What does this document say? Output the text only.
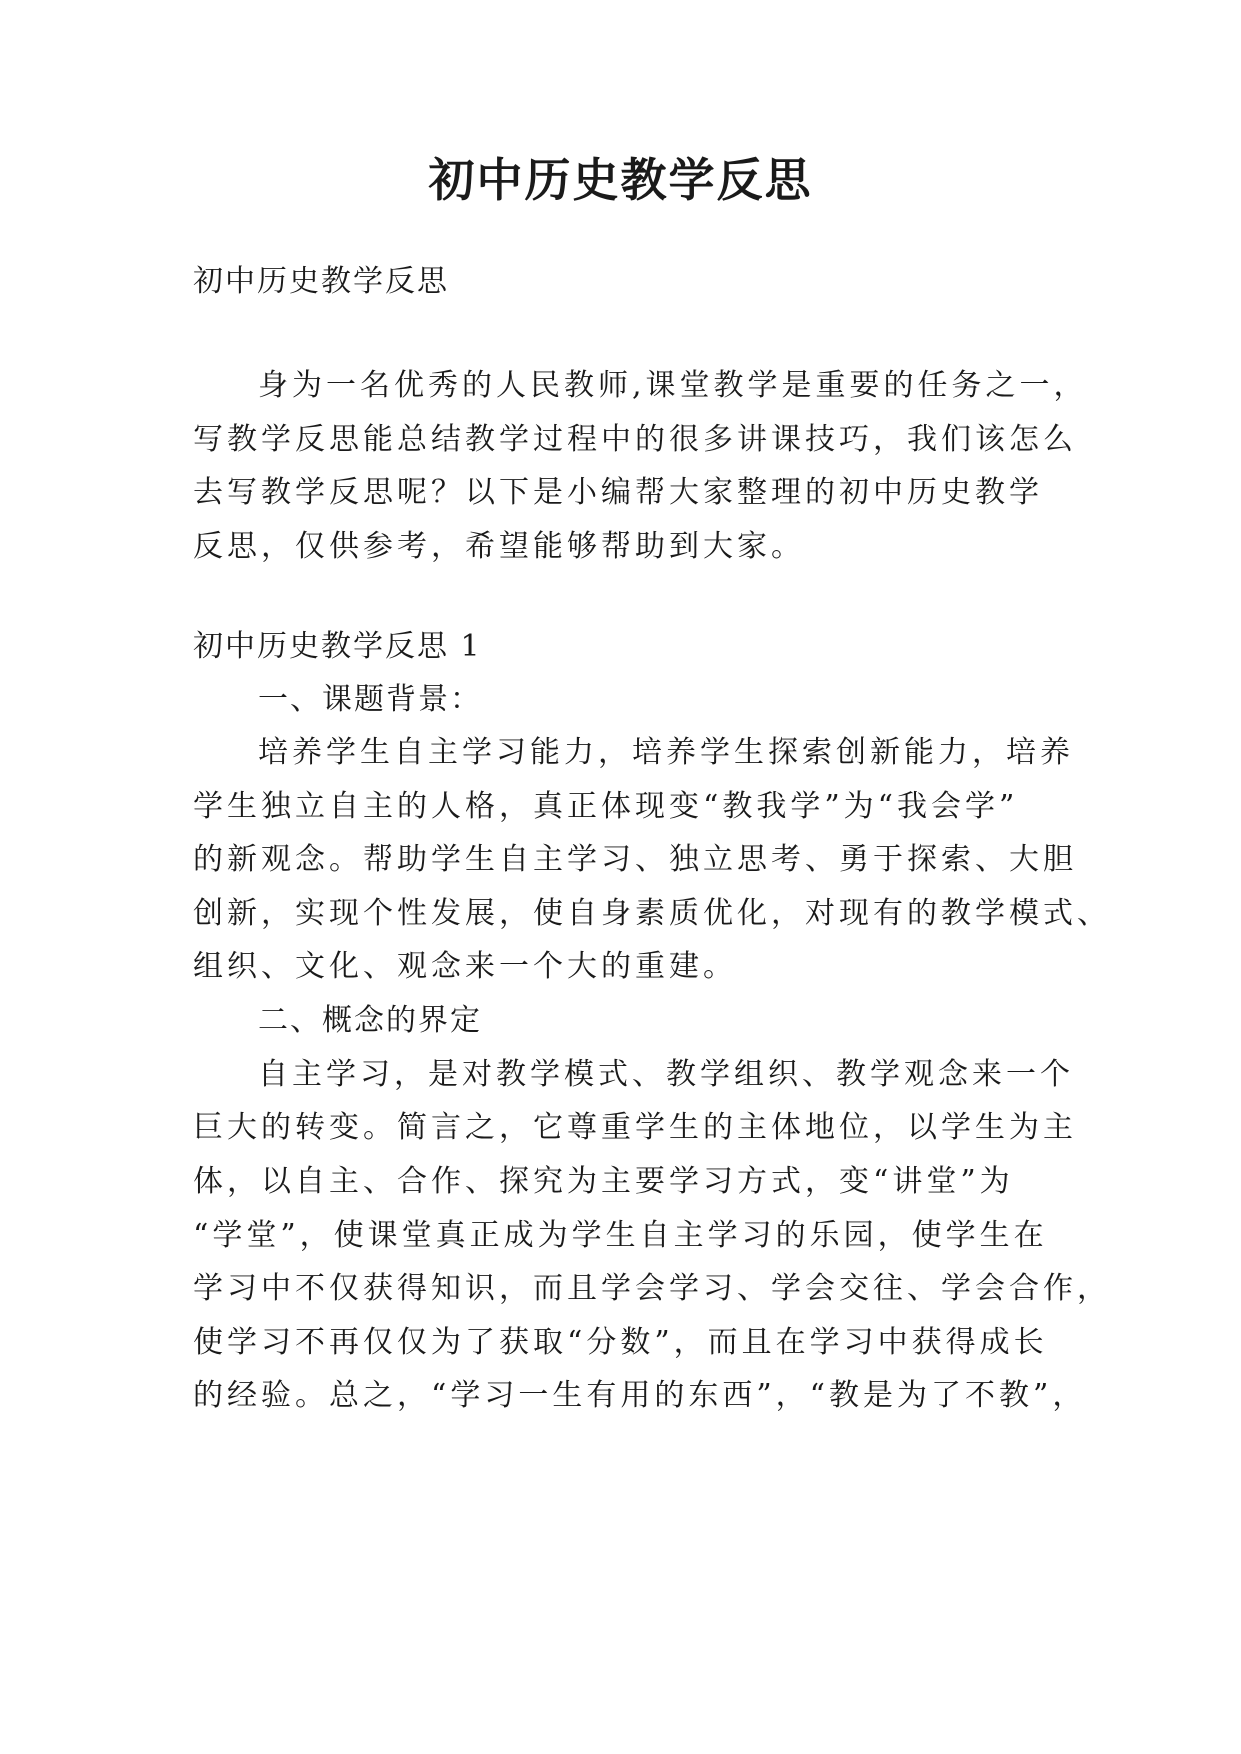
初中历史教学反思

初中历史教学反思

身为一名优秀的人民教师,课堂教学是重要的任务之一，

写教学反思能总结教学过程中的很多讲课技巧，我们该怎么

去写教学反思呢？以下是小编帮大家整理的初中历史教学

反思，仅供参考，希望能够帮助到大家。

初中历史教学反思 1

一、课题背景：

培养学生自主学习能力，培养学生探索创新能力，培养

学生独立自主的人格，真正体现变“教我学”为“我会学”

的新观念。帮助学生自主学习、独立思考、勇于探索、大胆

创新，实现个性发展，使自身素质优化，对现有的教学模式、

组织、文化、观念来一个大的重建。

二、概念的界定

自主学习，是对教学模式、教学组织、教学观念来一个

巨大的转变。简言之，它尊重学生的主体地位，以学生为主

体，以自主、合作、探究为主要学习方式，变“讲堂”为

“学堂”，使课堂真正成为学生自主学习的乐园，使学生在

学习中不仅获得知识，而且学会学习、学会交往、学会合作，

使学习不再仅仅为了获取“分数”，而且在学习中获得成长

的经验。总之，“学习一生有用的东西”，“教是为了不教”，
